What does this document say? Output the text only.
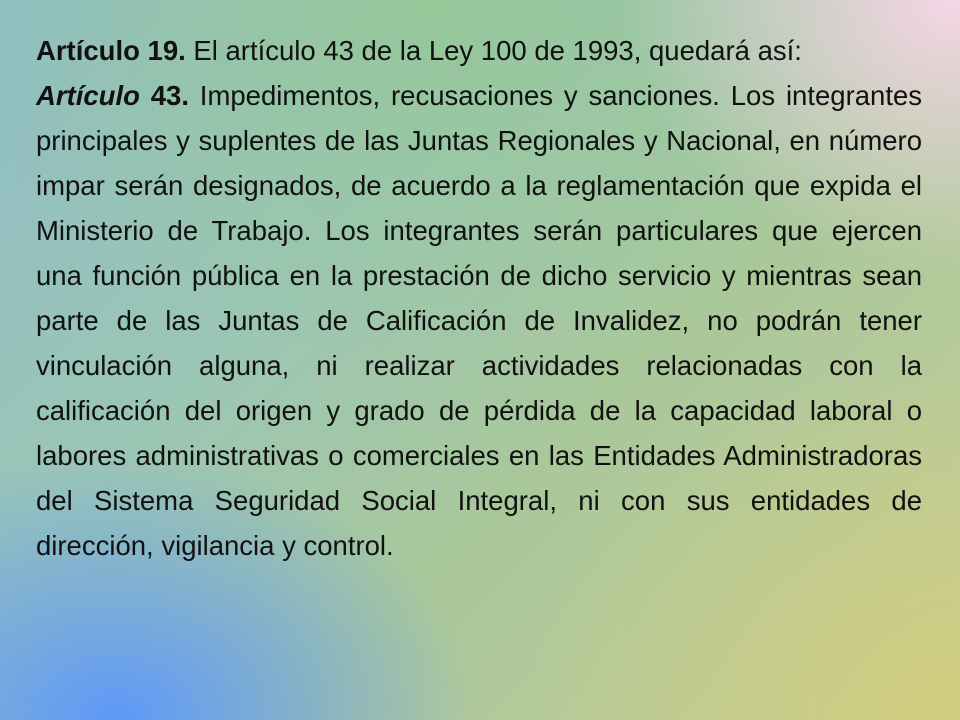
Artículo 19. El artículo 43 de la Ley 100 de 1993, quedará así:

Artículo 43. Impedimentos, recusaciones y sanciones. Los integrantes principales y suplentes de las Juntas Regionales y Nacional, en número impar serán designados, de acuerdo a la reglamentación que expida el Ministerio de Trabajo. Los integrantes serán particulares que ejercen una función pública en la prestación de dicho servicio y mientras sean parte de las Juntas de Calificación de Invalidez, no podrán tener vinculación alguna, ni realizar actividades relacionadas con la calificación del origen y grado de pérdida de la capacidad laboral o labores administrativas o comerciales en las Entidades Administradoras del Sistema Seguridad Social Integral, ni con sus entidades de dirección, vigilancia y control.
